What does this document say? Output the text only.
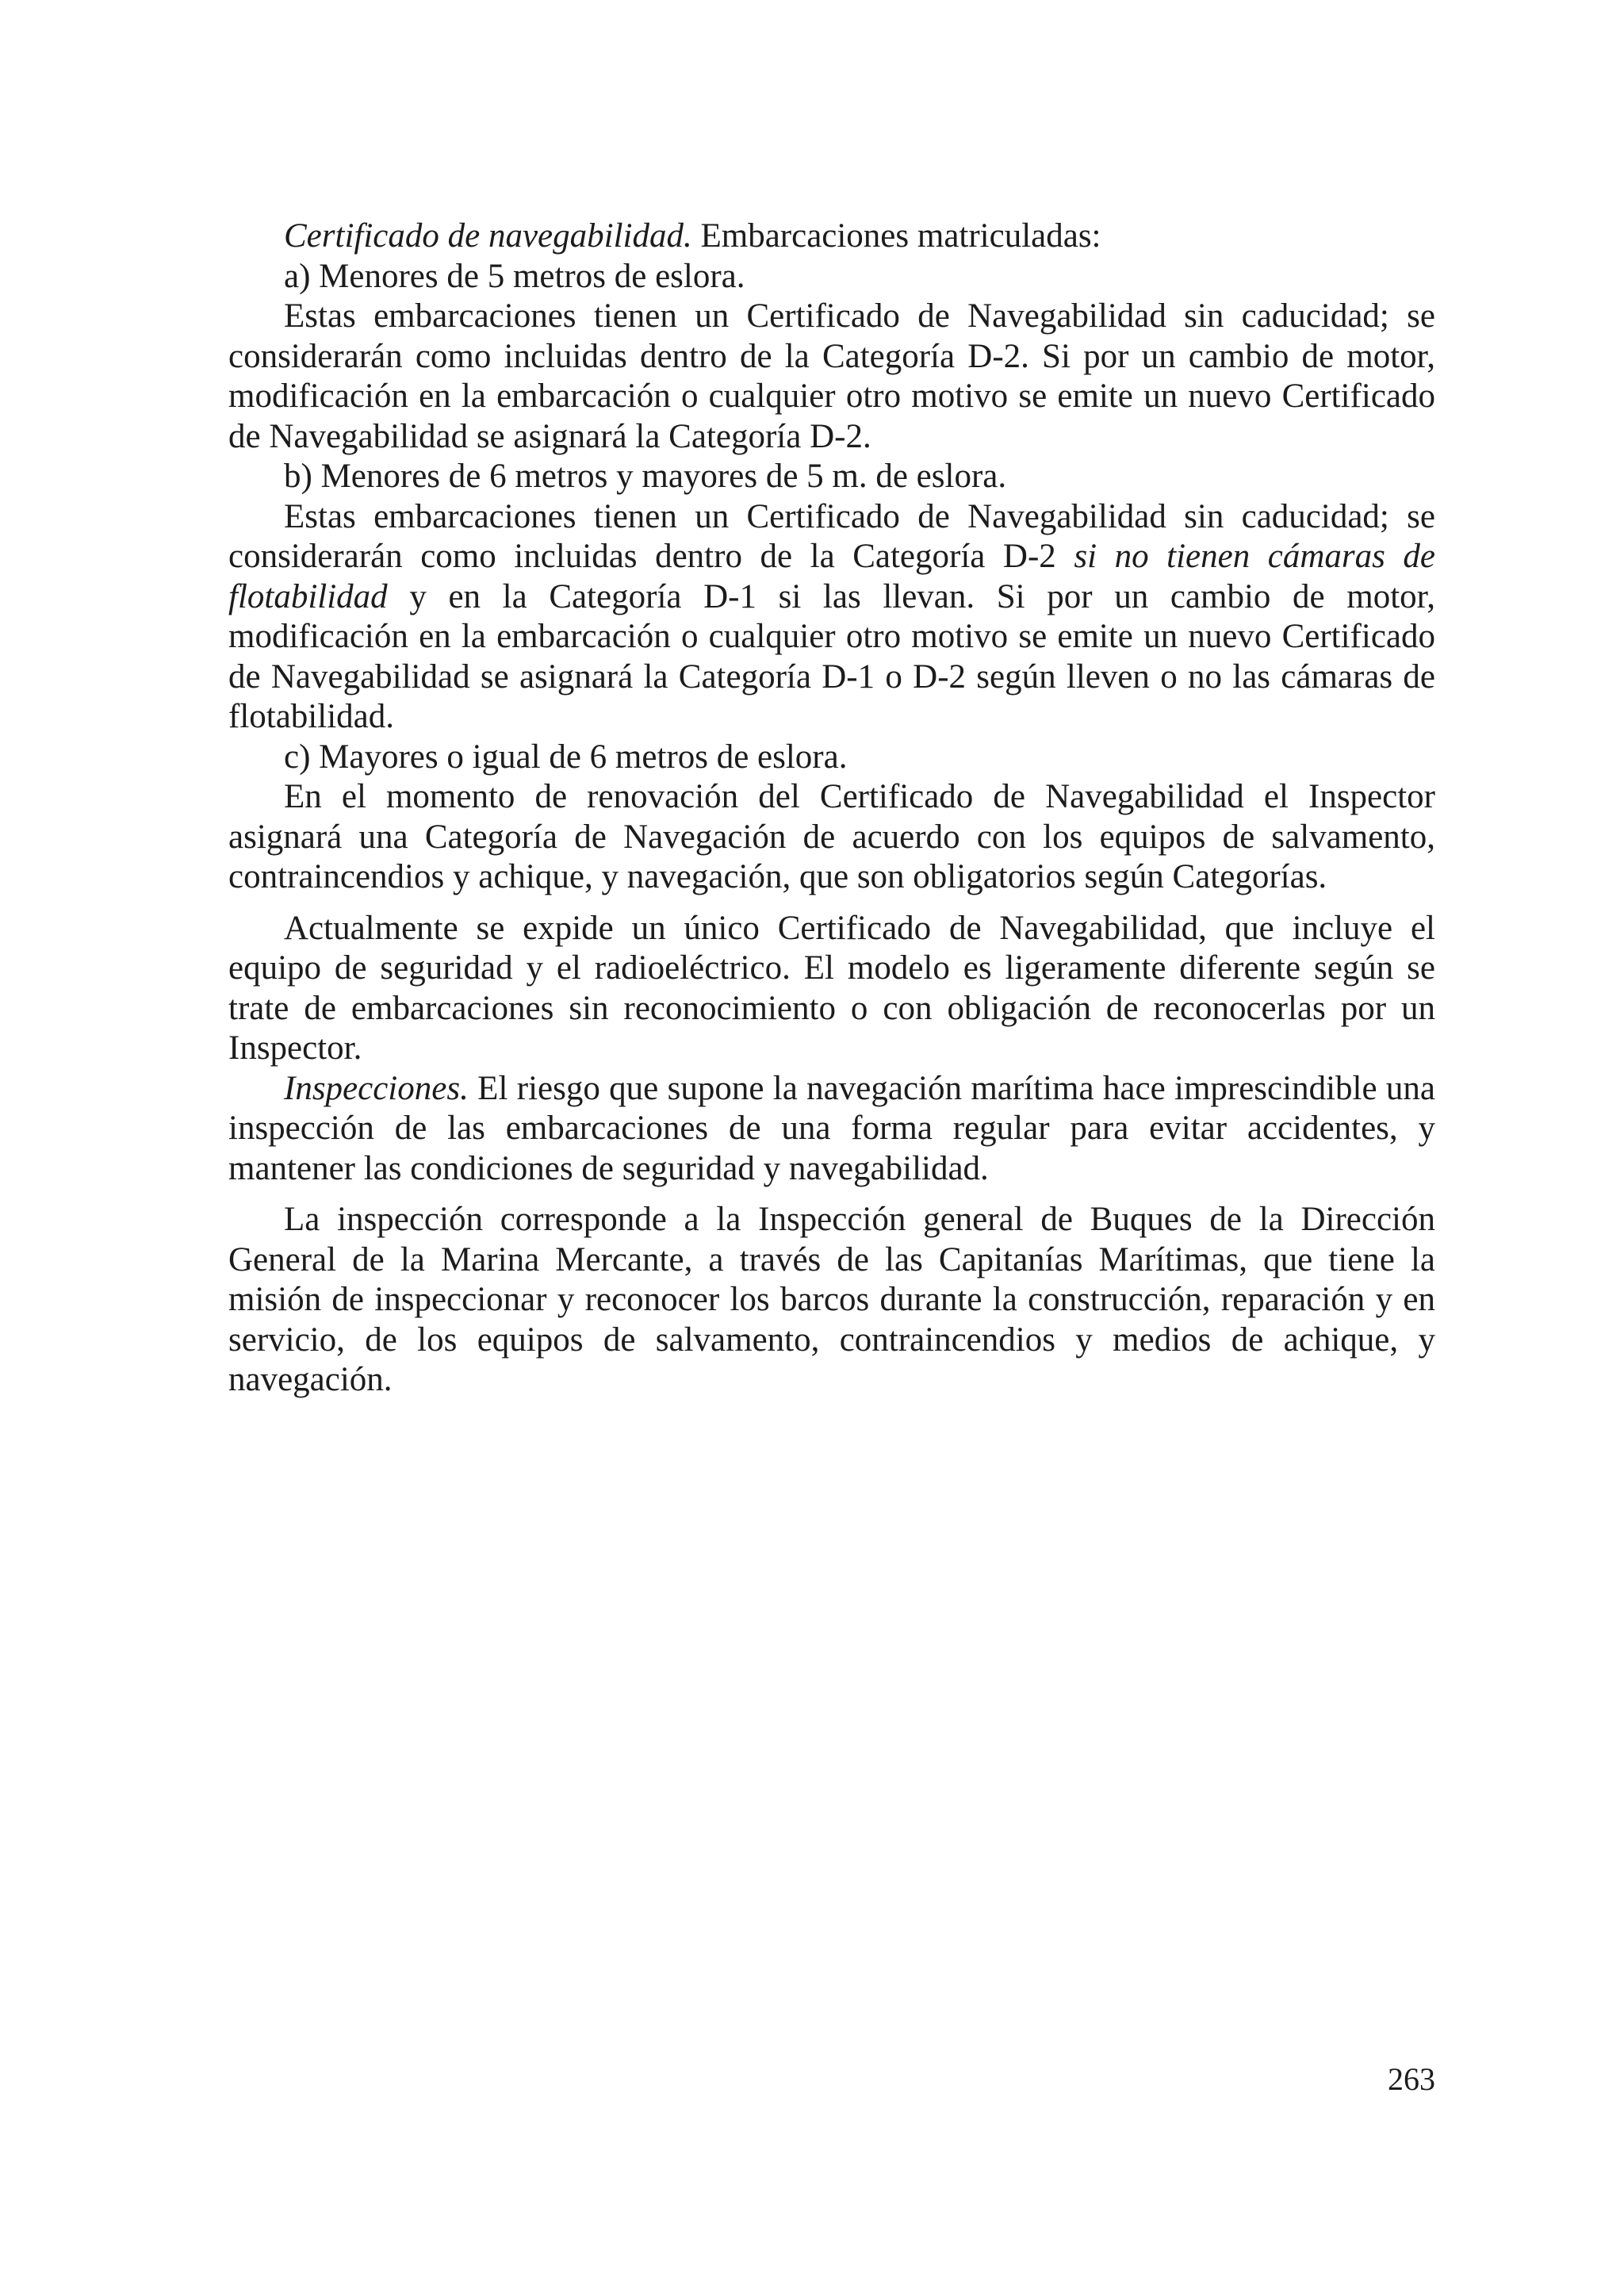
Certificado de navegabilidad. Embarcaciones matriculadas:

a) Menores de 5 metros de eslora.

Estas embarcaciones tienen un Certificado de Navegabilidad sin caducidad; se considerarán como incluidas dentro de la Categoría D-2. Si por un cambio de motor, modificación en la embarcación o cualquier otro motivo se emite un nuevo Certificado de Navegabilidad se asignará la Categoría D-2.

b) Menores de 6 metros y mayores de 5 m. de eslora.

Estas embarcaciones tienen un Certificado de Navegabilidad sin caducidad; se considerarán como incluidas dentro de la Categoría D-2 si no tienen cámaras de flotabilidad y en la Categoría D-1 si las llevan. Si por un cambio de motor, modificación en la embarcación o cualquier otro motivo se emite un nuevo Certificado de Navegabilidad se asignará la Categoría D-1 o D-2 según lleven o no las cámaras de flotabilidad.

c) Mayores o igual de 6 metros de eslora.

En el momento de renovación del Certificado de Navegabilidad el Inspector asignará una Categoría de Navegación de acuerdo con los equipos de salvamento, contraincendios y achique, y navegación, que son obligatorios según Categorías.

Actualmente se expide un único Certificado de Navegabilidad, que incluye el equipo de seguridad y el radioeléctrico. El modelo es ligeramente diferente según se trate de embarcaciones sin reconocimiento o con obligación de reconocerlas por un Inspector.

Inspecciones. El riesgo que supone la navegación marítima hace imprescindible una inspección de las embarcaciones de una forma regular para evitar accidentes, y mantener las condiciones de seguridad y navegabilidad.

La inspección corresponde a la Inspección general de Buques de la Dirección General de la Marina Mercante, a través de las Capitanías Marítimas, que tiene la misión de inspeccionar y reconocer los barcos durante la construcción, reparación y en servicio, de los equipos de salvamento, contraincendios y medios de achique, y navegación.

263
